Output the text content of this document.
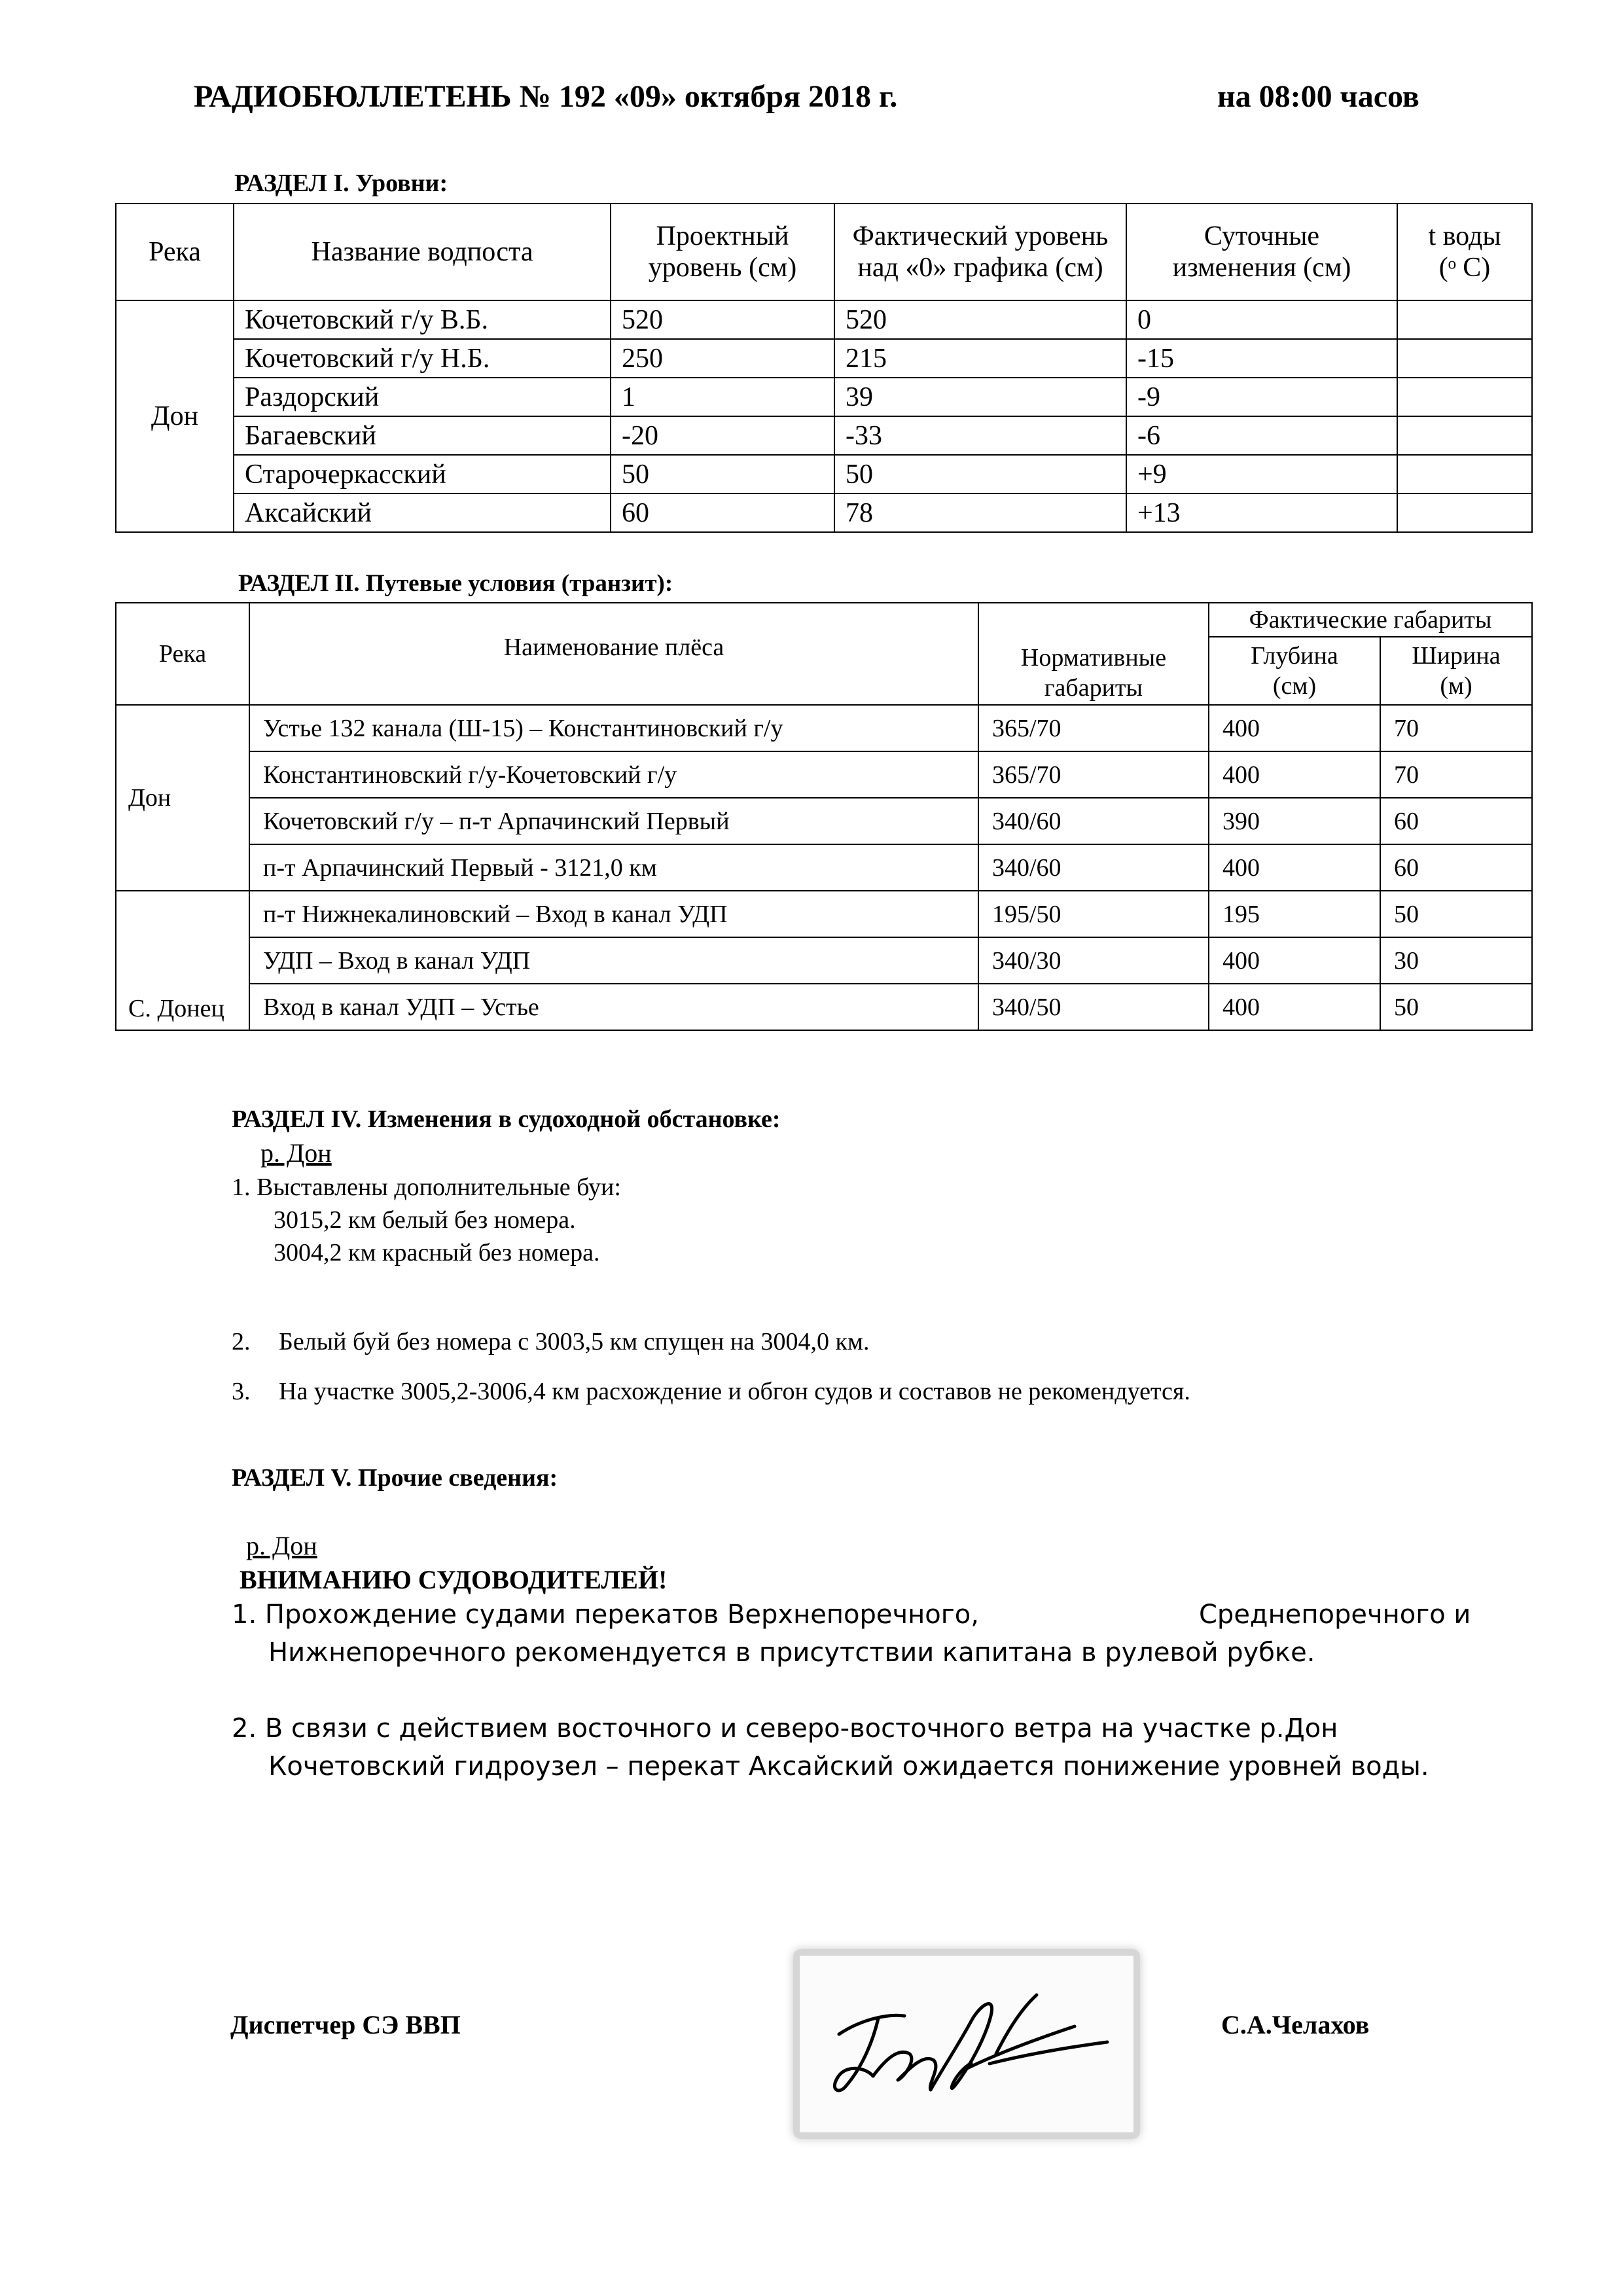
РАДИОБЮЛЛЕТЕНЬ № 192 «09» октября 2018 г.	на 08:00 часов
РАЗДЕЛ I. Уровни:
Река	Название водпоста	Проектный уровень (см)	Фактический уровень над «0» графика (см)	Суточные изменения (см)	t воды (ᵒ С)

Дон	Кочетовский г/у В.Б.	520	520	0	
	Кочетовский г/у Н.Б.	250	215	-15	
	Раздорский	1	39	-9	
	Багаевский	-20	-33	-6	
	Старочеркасский	50	50	+9	
	Аксайский	60	78	+13	
РАЗДЕЛ II. Путевые условия (транзит):
Река	Наименование плёса	Нормативные габариты	Фактические габариты	

			Глубина (см)	Ширина (м)

Дон	Устье 132 канала (Ш-15) – Константиновский г/у	365/70	400	70
	Константиновский г/у-Кочетовский г/у	365/70	400	70
	Кочетовский г/у – п-т Арпачинский Первый	340/60	390	60
	п-т Арпачинский Первый - 3121,0 км	340/60	400	60
С. Донец	п-т Нижнекалиновский – Вход в канал УДП	195/50	195	50
	УДП – Вход в канал УДП	340/30	400	30
	Вход в канал УДП – Устье	340/50	400	50
РАЗДЕЛ IV. Изменения в судоходной обстановке:
р. Дон
1. Выставлены дополнительные буи:
3015,2 км белый без номера.
3004,2 км красный без номера.
2. Белый буй без номера с 3003,5 км спущен на 3004,0 км.
3. На участке 3005,2-3006,4 км расхождение и обгон судов и составов не рекомендуется.
РАЗДЕЛ V. Прочие сведения:
р. Дон
ВНИМАНИЮ СУДОВОДИТЕЛЕЙ!
1. Прохождение судами перекатов Верхнепоречного,	Среднепоречного и
Нижнепоречного рекомендуется в присутствии капитана в рулевой рубке.
2. В связи с действием восточного и северо-восточного ветра на участке р.Дон
Кочетовский гидроузел – перекат Аксайский ожидается понижение уровней воды.
Диспетчер СЭ ВВП	С.А.Челахов
